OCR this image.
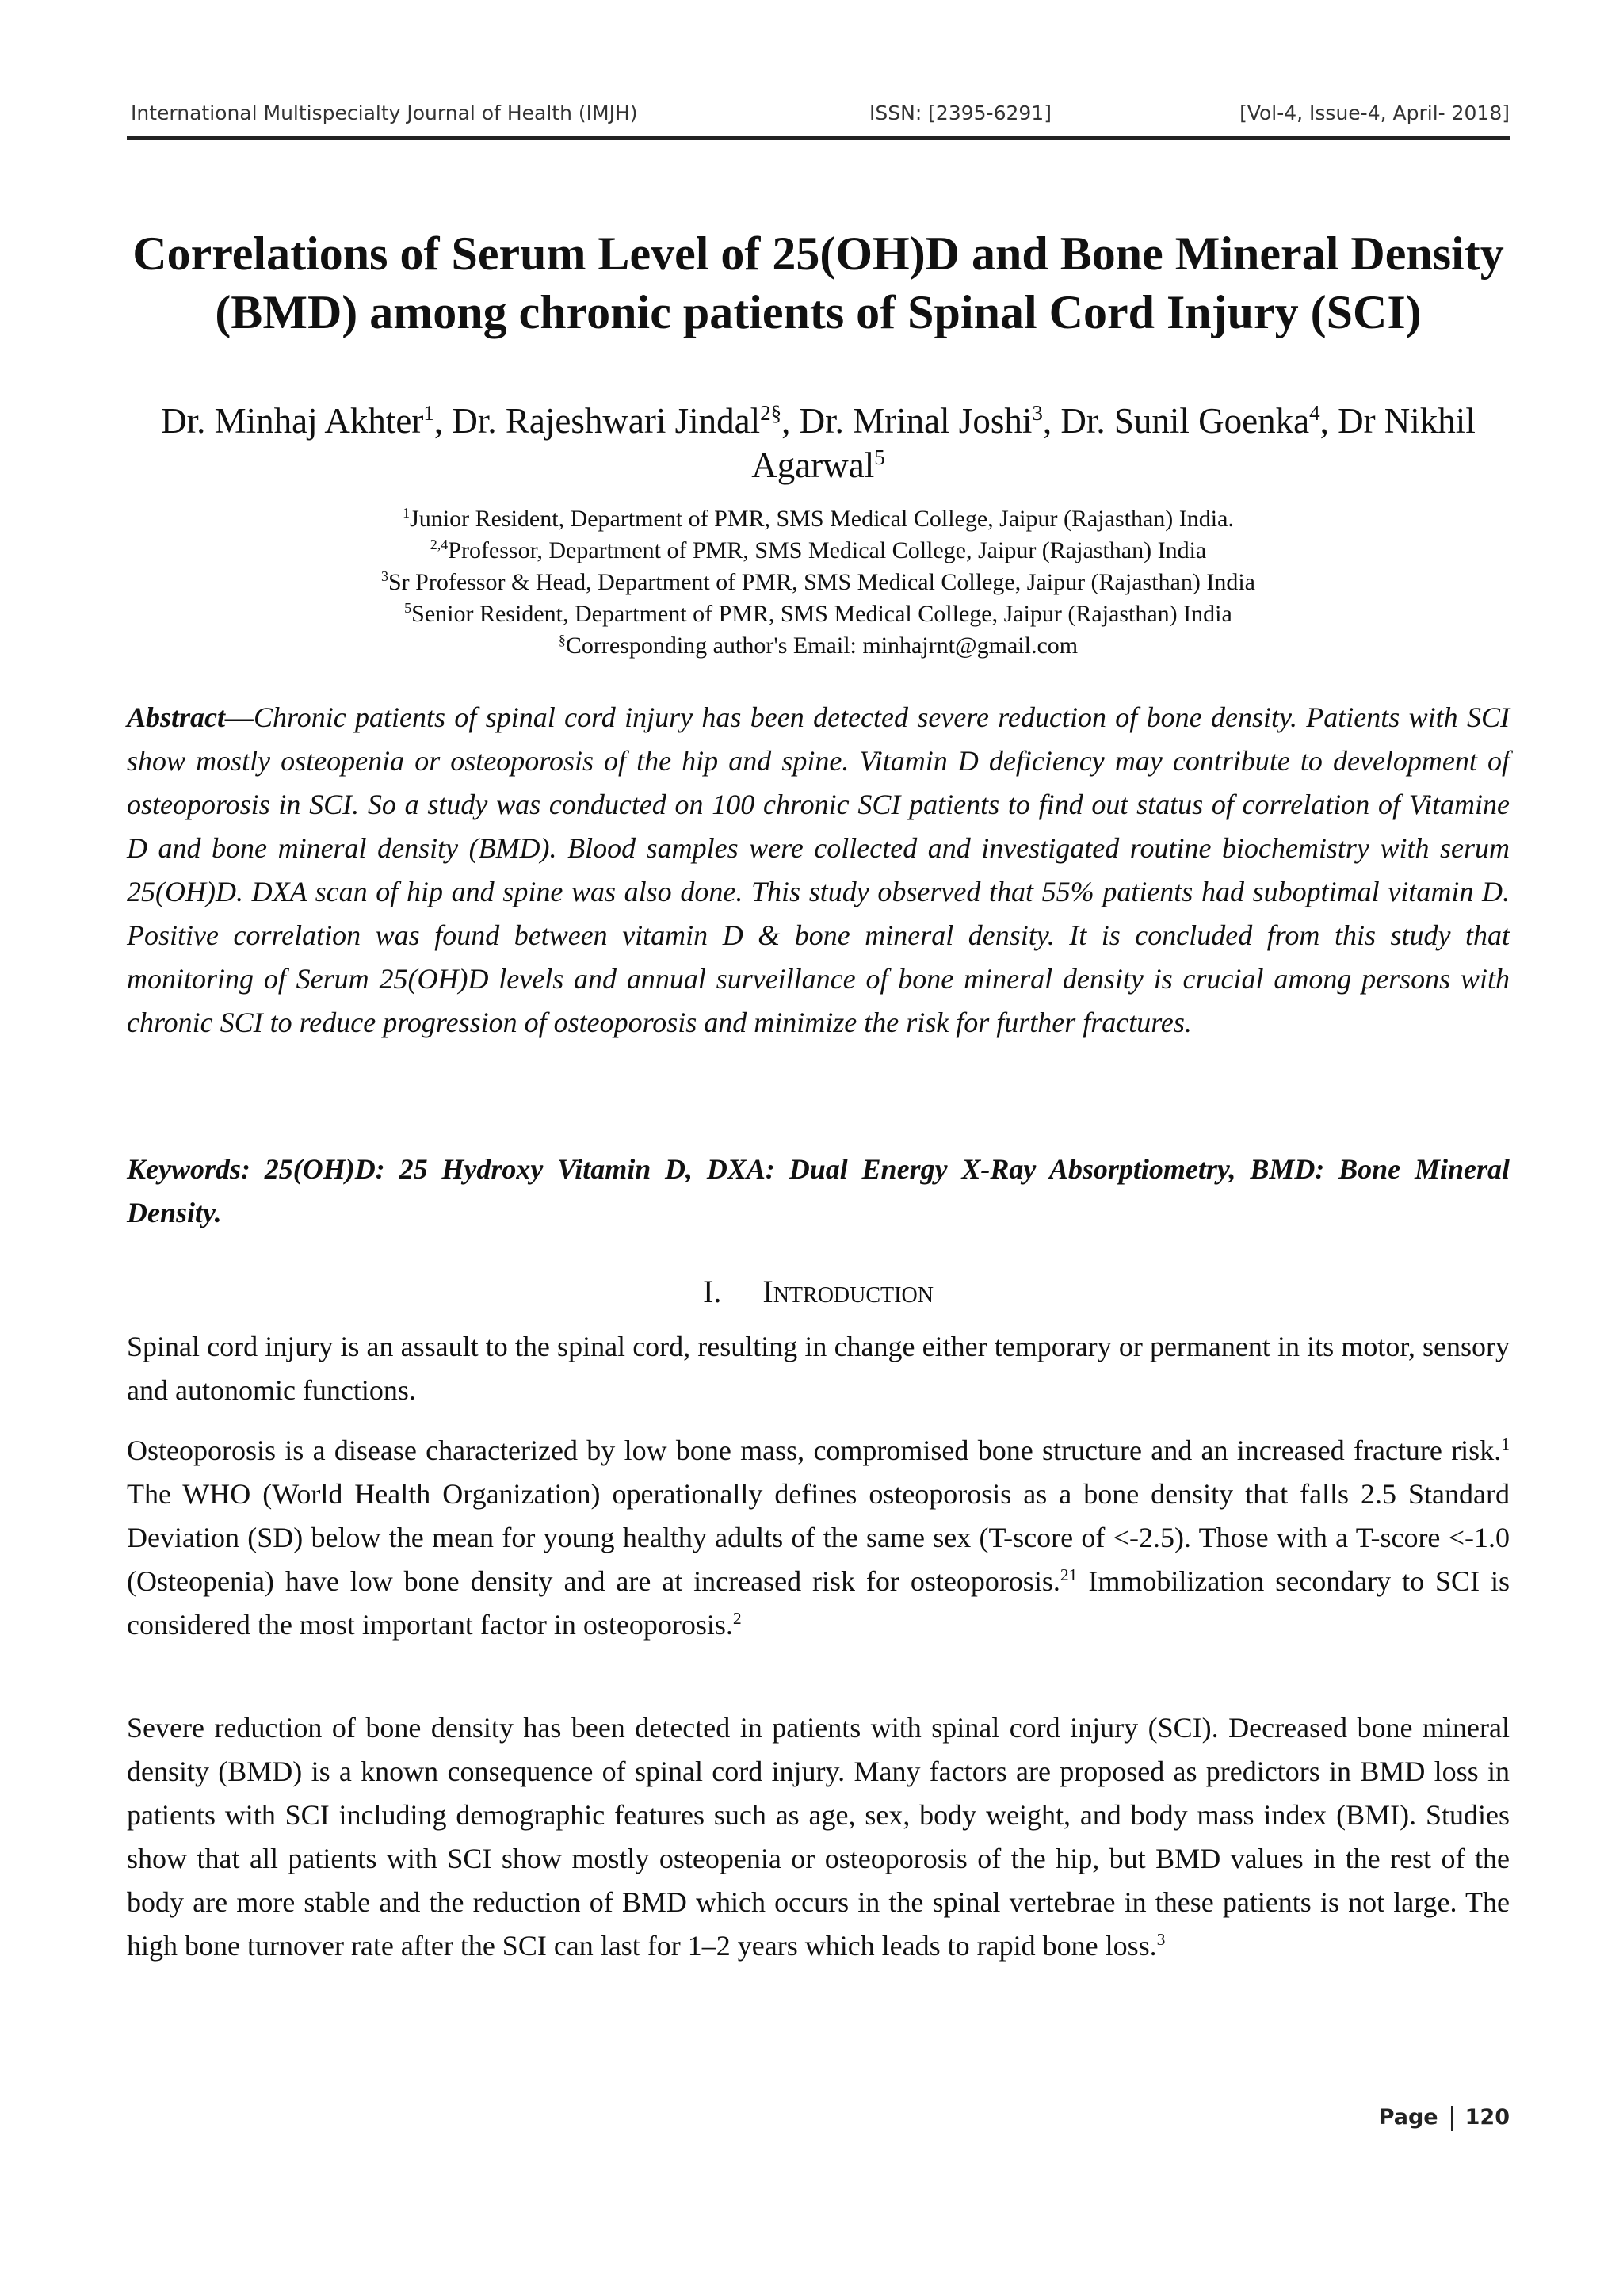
International Multispecialty Journal of Health (IMJH)	ISSN: [2395-6291]	[Vol-4, Issue-4, April- 2018]
Correlations of Serum Level of 25(OH)D and Bone Mineral Density (BMD) among chronic patients of Spinal Cord Injury (SCI)

Dr. Minhaj Akhter$^1$, Dr. Rajeshwari Jindal$^{2\S}$, Dr. Mrinal Joshi$^3$, Dr. Sunil Goenka$^4$, Dr Nikhil Agarwal$^5$

$^1$Junior Resident, Department of PMR, SMS Medical College, Jaipur (Rajasthan) India.
$^{2,4}$Professor, Department of PMR, SMS Medical College, Jaipur (Rajasthan) India
$^3$Sr Professor & Head, Department of PMR, SMS Medical College, Jaipur (Rajasthan) India
$^5$Senior Resident, Department of PMR, SMS Medical College, Jaipur (Rajasthan) India
§Corresponding author's Email: minhajrnt@gmail.com

Abstract—Chronic patients of spinal cord injury has been detected severe reduction of bone density. Patients with SCI show mostly osteopenia or osteoporosis of the hip and spine. Vitamin D deficiency may contribute to development of osteoporosis in SCI. So a study was conducted on 100 chronic SCI patients to find out status of correlation of Vitamine D and bone mineral density (BMD). Blood samples were collected and investigated routine biochemistry with serum 25(OH)D. DXA scan of hip and spine was also done. This study observed that 55% patients had suboptimal vitamin D. Positive correlation was found between vitamin D & bone mineral density. It is concluded from this study that monitoring of Serum 25(OH)D levels and annual surveillance of bone mineral density is crucial among persons with chronic SCI to reduce progression of osteoporosis and minimize the risk for further fractures.

Keywords: 25(OH)D: 25 Hydroxy Vitamin D, DXA: Dual Energy X-Ray Absorptiometry, BMD: Bone Mineral Density.

I. Introduction

Spinal cord injury is an assault to the spinal cord, resulting in change either temporary or permanent in its motor, sensory and autonomic functions.

Osteoporosis is a disease characterized by low bone mass, compromised bone structure and an increased fracture risk.$^1$ The WHO (World Health Organization) operationally defines osteoporosis as a bone density that falls 2.5 Standard Deviation (SD) below the mean for young healthy adults of the same sex (T-score of <-2.5). Those with a T-score <-1.0 (Osteopenia) have low bone density and are at increased risk for osteoporosis.$^{21}$ Immobilization secondary to SCI is considered the most important factor in osteoporosis.$^2$

Severe reduction of bone density has been detected in patients with spinal cord injury (SCI). Decreased bone mineral density (BMD) is a known consequence of spinal cord injury. Many factors are proposed as predictors in BMD loss in patients with SCI including demographic features such as age, sex, body weight, and body mass index (BMI). Studies show that all patients with SCI show mostly osteopenia or osteoporosis of the hip, but BMD values in the rest of the body are more stable and the reduction of BMD which occurs in the spinal vertebrae in these patients is not large. The high bone turnover rate after the SCI can last for 1–2 years which leads to rapid bone loss.$^3$

Page 120
